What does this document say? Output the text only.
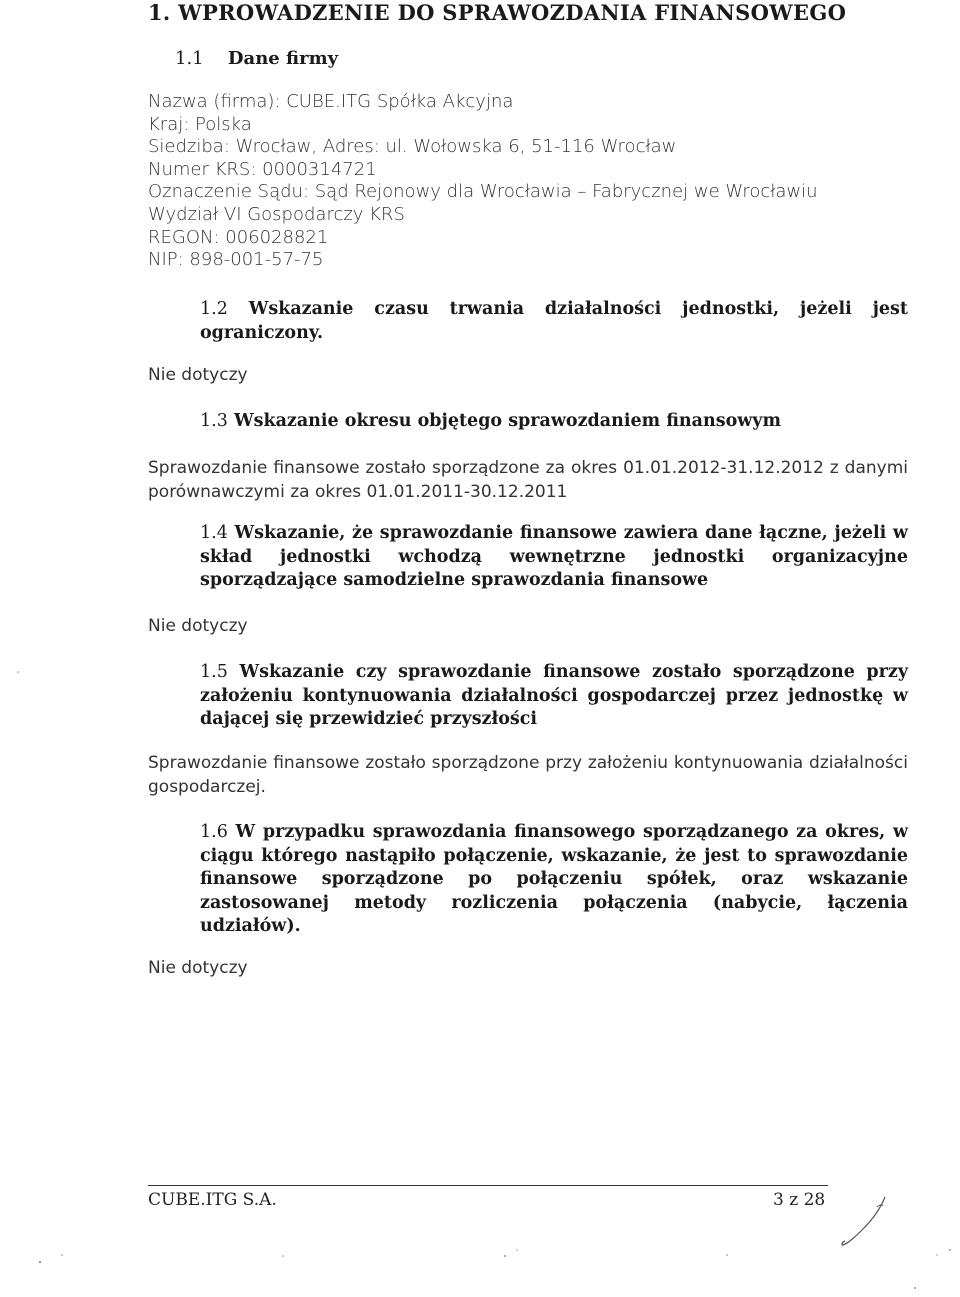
1. WPROWADZENIE DO SPRAWOZDANIA FINANSOWEGO
1.1 Dane firmy
Nazwa (firma): CUBE.ITG Spółka Akcyjna
Kraj: Polska
Siedziba: Wrocław, Adres: ul. Wołowska 6, 51-116 Wrocław
Numer KRS: 0000314721
Oznaczenie Sądu: Sąd Rejonowy dla Wrocławia – Fabrycznej we Wrocławiu
Wydział VI Gospodarczy KRS
REGON: 006028821
NIP: 898-001-57-75

1.2 Wskazanie czasu trwania działalności jednostki, jeżeli jest ograniczony.

Nie dotyczy

1.3 Wskazanie okresu objętego sprawozdaniem finansowym

Sprawozdanie finansowe zostało sporządzone za okres 01.01.2012-31.12.2012 z danymi porównawczymi za okres 01.01.2011-30.12.2011

1.4 Wskazanie, że sprawozdanie finansowe zawiera dane łączne, jeżeli w skład jednostki wchodzą wewnętrzne jednostki organizacyjne sporządzające samodzielne sprawozdania finansowe

Nie dotyczy

1.5 Wskazanie czy sprawozdanie finansowe zostało sporządzone przy założeniu kontynuowania działalności gospodarczej przez jednostkę w dającej się przewidzieć przyszłości

Sprawozdanie finansowe zostało sporządzone przy założeniu kontynuowania działalności gospodarczej.

1.6 W przypadku sprawozdania finansowego sporządzanego za okres, w ciągu którego nastąpiło połączenie, wskazanie, że jest to sprawozdanie finansowe sporządzone po połączeniu spółek, oraz wskazanie zastosowanej metody rozliczenia połączenia (nabycie, łączenia udziałów).

Nie dotyczy

CUBE.ITG S.A.	3 z 28
